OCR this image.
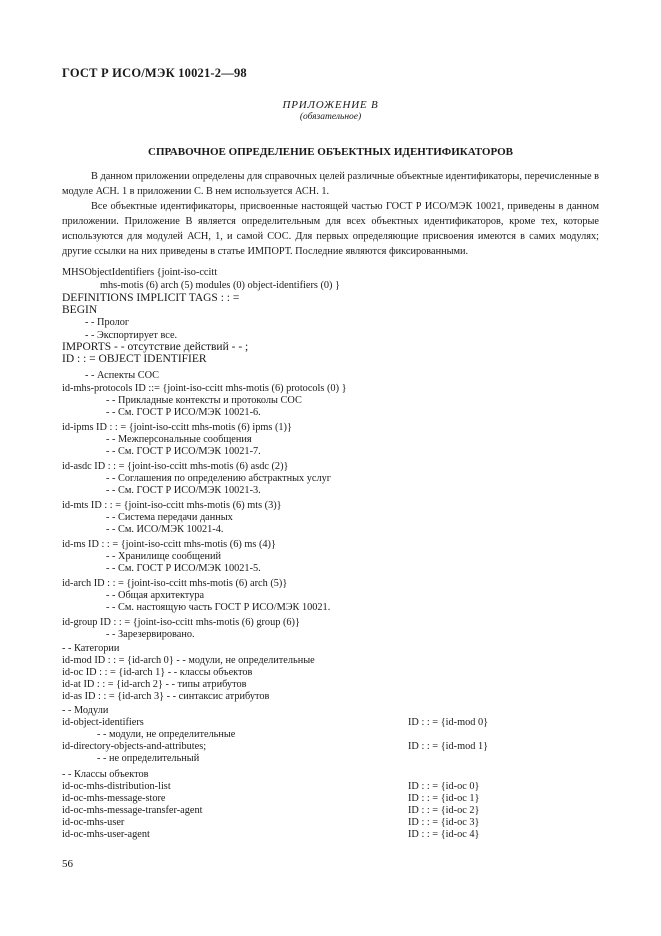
ГОСТ Р ИСО/МЭК 10021-2—98
ПРИЛОЖЕНИЕ В
(обязательное)
СПРАВОЧНОЕ ОПРЕДЕЛЕНИЕ ОБЪЕКТНЫХ ИДЕНТИФИКАТОРОВ

В данном приложении определены для справочных целей различные объектные идентификаторы, перечисленные в модуле АСН. 1 в приложении С. В нем используется АСН. 1.

Все объектные идентификаторы, присвоенные настоящей частью ГОСТ Р ИСО/МЭК 10021, приведены в данном приложении. Приложение В является определительным для всех объектных идентификаторов, кроме тех, которые используются для модулей АСН, 1, и самой СОС. Для первых определяющие присвоения имеются в самих модулях; другие ссылки на них приведены в статье ИМПОРТ. Последние являются фиксированными.

MHSObjectIdentifiers {joint-iso-ccitt
mhs-motis (6) arch (5) modules (0) object-identifiers (0) }
DEFINITIONS IMPLICIT TAGS : : =
BEGIN
- - Пролог
- - Экспортирует все.
IMPORTS - - отсутствие действий - - ;
ID : : = OBJECT IDENTIFIER
- - Аспекты СОС
id-mhs-protocols ID ::= {joint-iso-ccitt mhs-motis (6) protocols (0) }
- - Прикладные контексты и протоколы СОС
- - См. ГОСТ Р ИСО/МЭК 10021-6.
id-ipms ID : : = {joint-iso-ccitt mhs-motis (6) ipms (1)}
- - Межперсональные сообщения
- - См. ГОСТ Р ИСО/МЭК 10021-7.
id-asdc ID : : = {joint-iso-ccitt mhs-motis (6) asdc (2)}
- - Соглашения по определению абстрактных услуг
- - См. ГОСТ Р ИСО/МЭК 10021-3.
id-mts ID : : = {joint-iso-ccitt mhs-motis (6) mts (3)}
- - Система передачи данных
- - См. ИСО/МЭК 10021-4.
id-ms ID : : = {joint-iso-ccitt mhs-motis (6) ms (4)}
- - Хранилище сообщений
- - См. ГОСТ Р ИСО/МЭК 10021-5.
id-arch ID : : = {joint-iso-ccitt mhs-motis (6) arch (5)}
- - Общая архитектура
- - См. настоящую часть ГОСТ Р ИСО/МЭК 10021.
id-group ID : : = {joint-iso-ccitt mhs-motis (6) group (6)}
- - Зарезервировано.
- - Категории
id-mod ID : : = {id-arch 0} - - модули, не определительные
id-oc ID : : = {id-arch 1} - - классы объектов
id-at ID : : = {id-arch 2} - - типы атрибутов
id-as ID : : = {id-arch 3} - - синтаксис атрибутов
- - Модули
id-object-identifiers	ID : : = {id-mod 0}
- - модули, не определительные
id-directory-objects-and-attributes;	ID : : = {id-mod 1}
- - не определительный
- - Классы объектов
id-oc-mhs-distribution-list	ID : : = {id-oc 0}
id-oc-mhs-message-store	ID : : = {id-oc 1}
id-oc-mhs-message-transfer-agent	ID : : = {id-oc 2}
id-oc-mhs-user	ID : : = {id-oc 3}
id-oc-mhs-user-agent	ID : : = {id-oc 4}
56
